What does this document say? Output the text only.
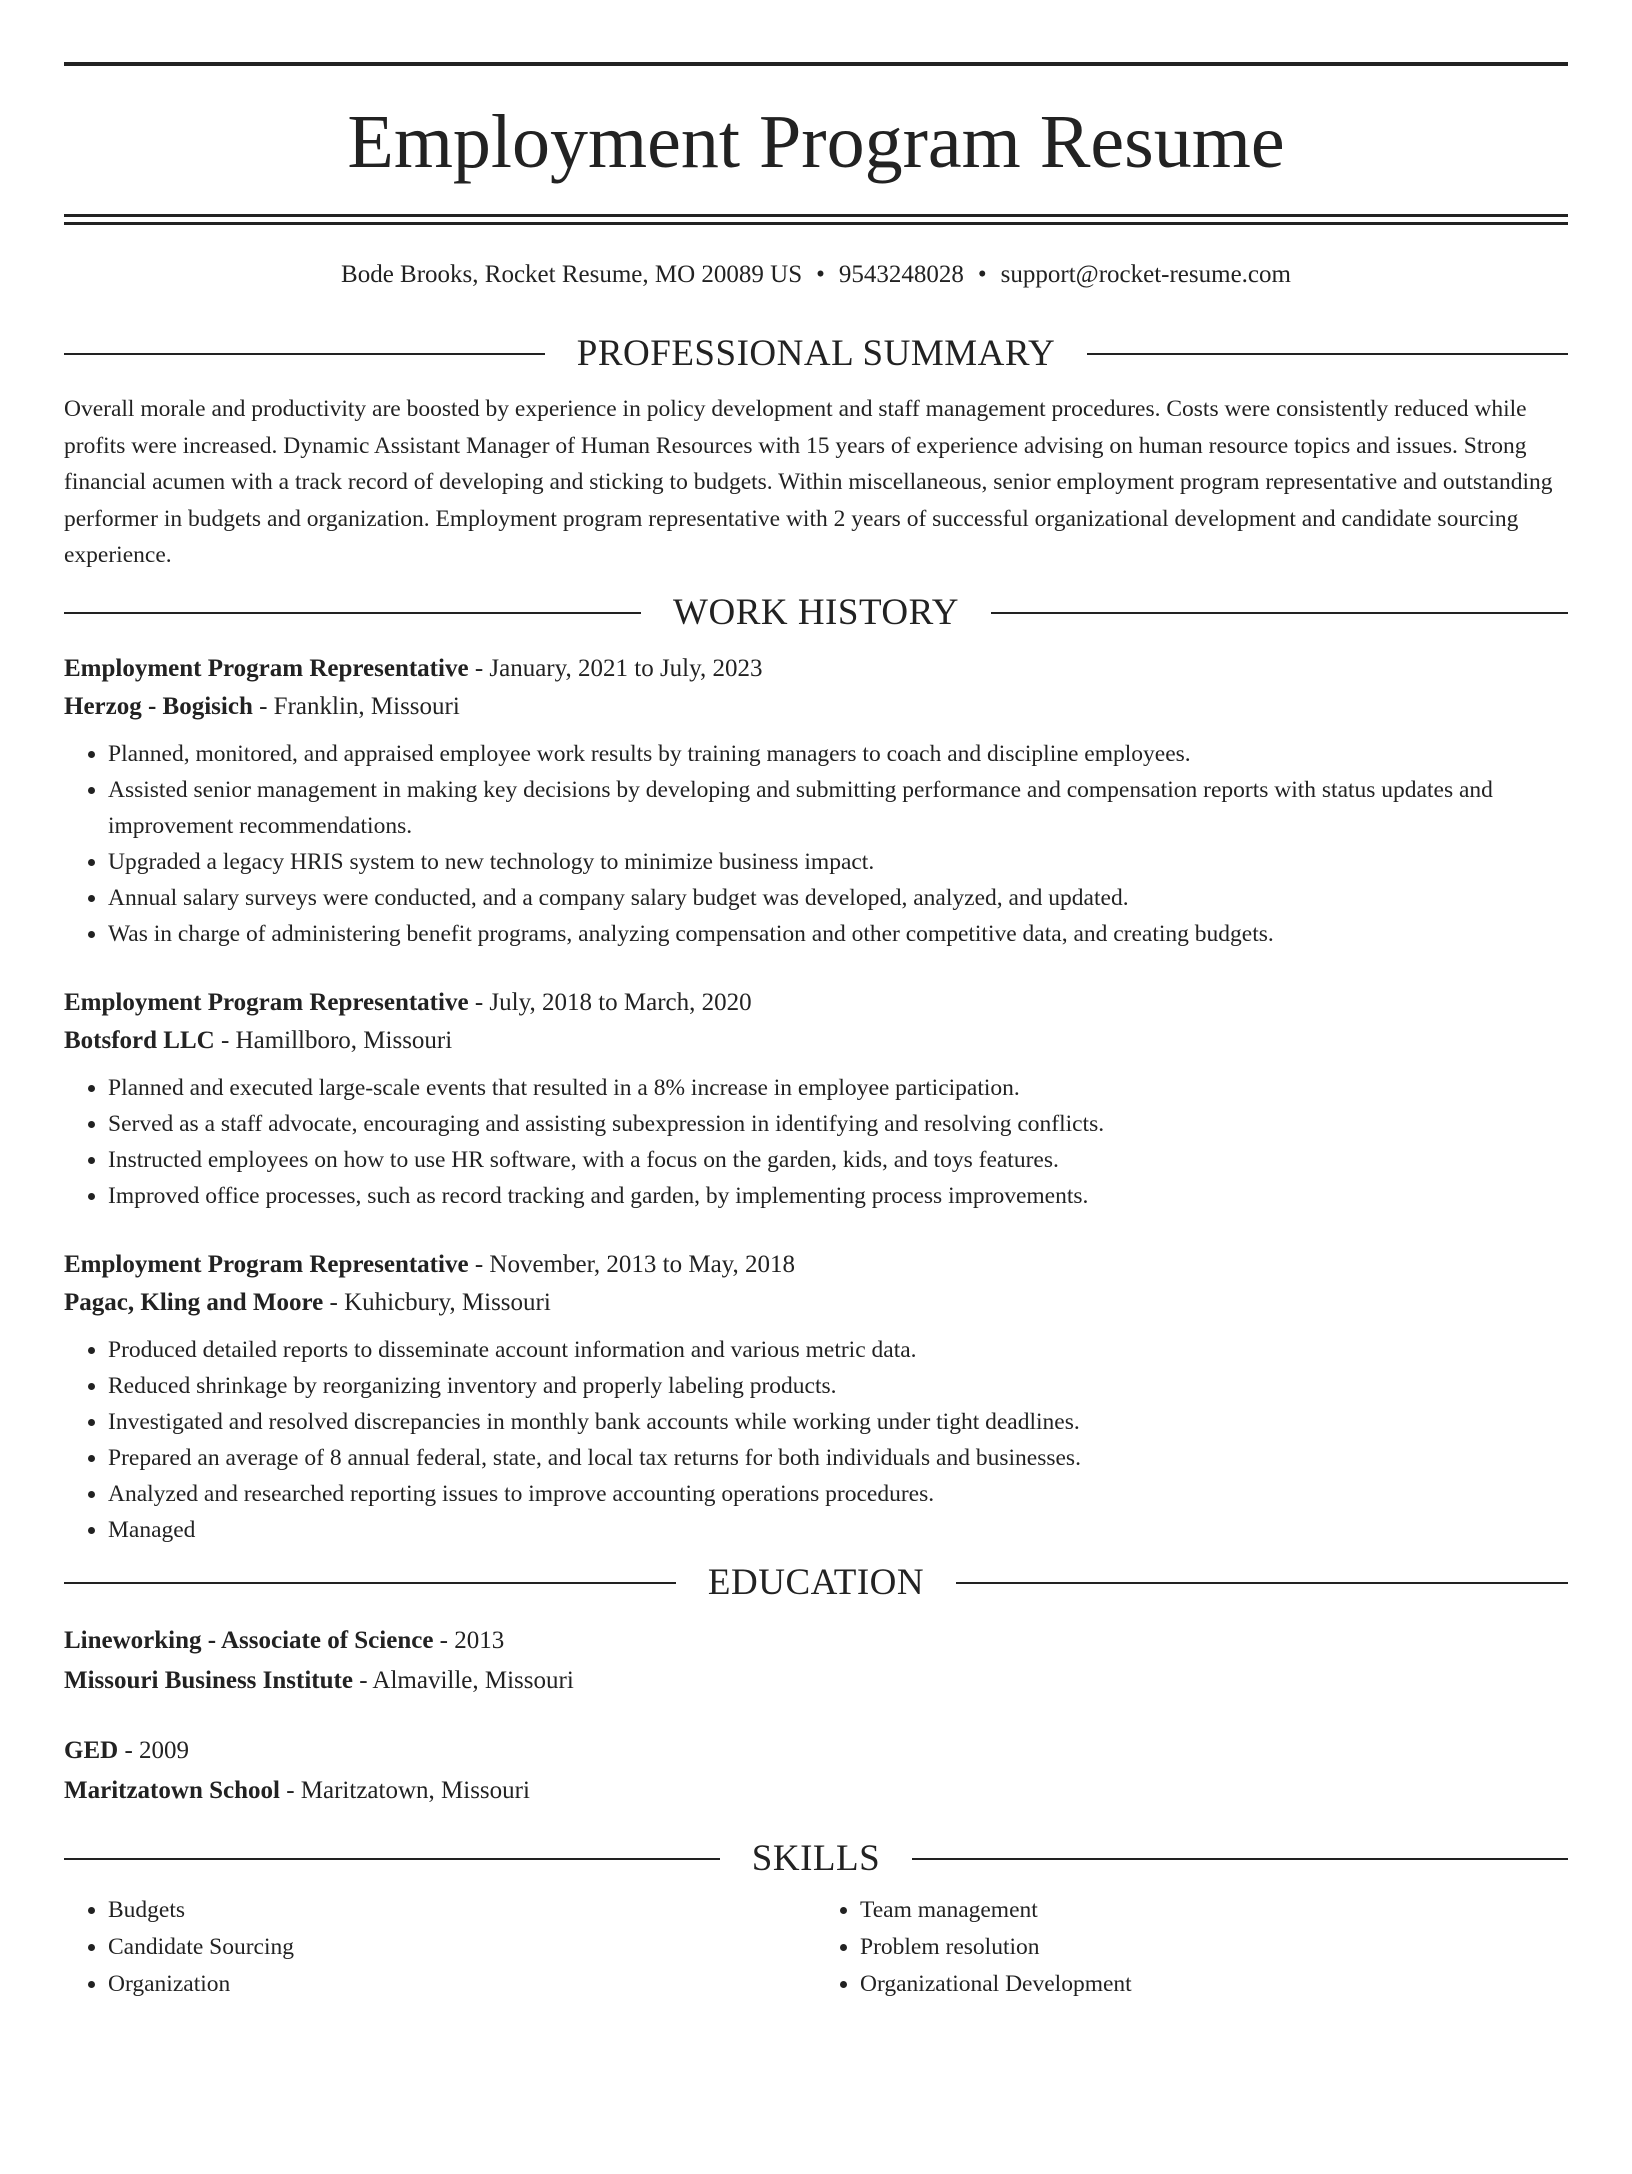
Employment Program Resume
Bode Brooks, Rocket Resume, MO 20089 US • 9543248028 • support@rocket-resume.com
PROFESSIONAL SUMMARY

Overall morale and productivity are boosted by experience in policy development and staff management procedures. Costs were consistently reduced while profits were increased. Dynamic Assistant Manager of Human Resources with 15 years of experience advising on human resource topics and issues. Strong financial acumen with a track record of developing and sticking to budgets. Within miscellaneous, senior employment program representative and outstanding performer in budgets and organization. Employment program representative with 2 years of successful organizational development and candidate sourcing experience.

WORK HISTORY
Employment Program Representative - January, 2021 to July, 2023
Herzog - Bogisich - Franklin, Missouri
• Planned, monitored, and appraised employee work results by training managers to coach and discipline employees.
• Assisted senior management in making key decisions by developing and submitting performance and compensation reports with status updates and improvement recommendations.
• Upgraded a legacy HRIS system to new technology to minimize business impact.
• Annual salary surveys were conducted, and a company salary budget was developed, analyzed, and updated.
• Was in charge of administering benefit programs, analyzing compensation and other competitive data, and creating budgets.
Employment Program Representative - July, 2018 to March, 2020
Botsford LLC - Hamillboro, Missouri
• Planned and executed large-scale events that resulted in a 8% increase in employee participation.
• Served as a staff advocate, encouraging and assisting subexpression in identifying and resolving conflicts.
• Instructed employees on how to use HR software, with a focus on the garden, kids, and toys features.
• Improved office processes, such as record tracking and garden, by implementing process improvements.
Employment Program Representative - November, 2013 to May, 2018
Pagac, Kling and Moore - Kuhicbury, Missouri
• Produced detailed reports to disseminate account information and various metric data.
• Reduced shrinkage by reorganizing inventory and properly labeling products.
• Investigated and resolved discrepancies in monthly bank accounts while working under tight deadlines.
• Prepared an average of 8 annual federal, state, and local tax returns for both individuals and businesses.
• Analyzed and researched reporting issues to improve accounting operations procedures.
• Managed
EDUCATION
Lineworking - Associate of Science - 2013
Missouri Business Institute - Almaville, Missouri
GED - 2009
Maritzatown School - Maritzatown, Missouri
SKILLS
• Budgets
• Candidate Sourcing
• Organization
• Team management
• Problem resolution
• Organizational Development
